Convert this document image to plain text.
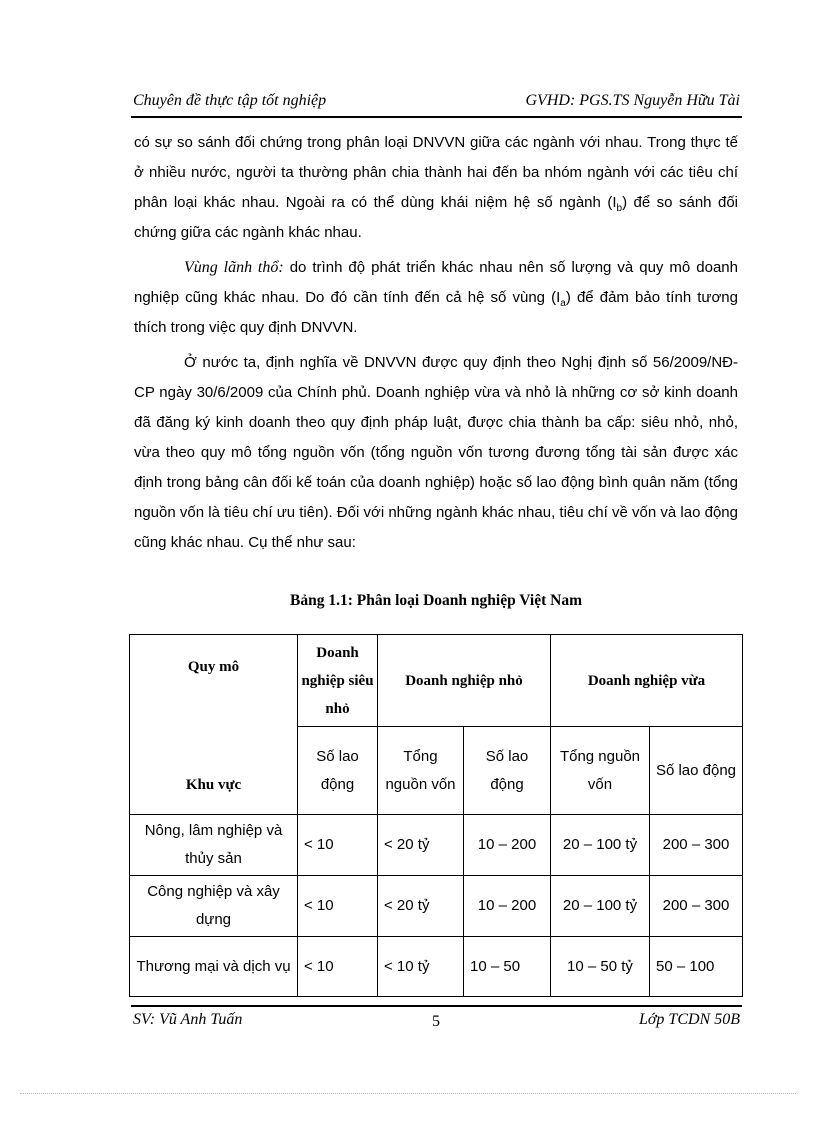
Chuyên đề thực tập tốt nghiệp	GVHD: PGS.TS Nguyễn Hữu Tài

có sự so sánh đối chứng trong phân loại DNVVN giữa các ngành với nhau. Trong thực tế ở nhiều nước, người ta thường phân chia thành hai đến ba nhóm ngành với các tiêu chí phân loại khác nhau. Ngoài ra có thể dùng khái niệm hệ số ngành $(I_b)$ để so sánh đối chứng giữa các ngành khác nhau.

Vùng lãnh thổ: do trình độ phát triển khác nhau nên số lượng và quy mô doanh nghiệp cũng khác nhau. Do đó cần tính đến cả hệ số vùng $(I_a)$ để đảm bảo tính tương thích trong việc quy định DNVVN.

Ở nước ta, định nghĩa về DNVVN được quy định theo Nghị định số 56/2009/NĐ-CP ngày 30/6/2009 của Chính phủ. Doanh nghiệp vừa và nhỏ là những cơ sở kinh doanh đã đăng ký kinh doanh theo quy định pháp luật, được chia thành ba cấp: siêu nhỏ, nhỏ, vừa theo quy mô tổng nguồn vốn (tổng nguồn vốn tương đương tổng tài sản được xác định trong bảng cân đối kế toán của doanh nghiệp) hoặc số lao động bình quân năm (tổng nguồn vốn là tiêu chí ưu tiên). Đối với những ngành khác nhau, tiêu chí về vốn và lao động cũng khác nhau. Cụ thể như sau:

Bảng 1.1: Phân loại Doanh nghiệp Việt Nam
Quy mô
Khu vực	Doanh nghiệp siêu nhỏ	Doanh nghiệp nhỏ		Doanh nghiệp vừa	
	Số lao động	Tổng nguồn vốn	Số lao động	Tổng nguồn vốn	Số lao động
Nông, lâm nghiệp và thủy sản	< 10	< 20 tỷ	10 – 200	20 – 100 tỷ	200 – 300
Công nghiệp và xây dựng	< 10	< 20 tỷ	10 – 200	20 – 100 tỷ	200 – 300
Thương mại và dịch vụ	< 10	< 10 tỷ	10 – 50	10 – 50 tỷ	50 – 100
SV: Vũ Anh Tuấn	5	Lớp TCDN 50B
